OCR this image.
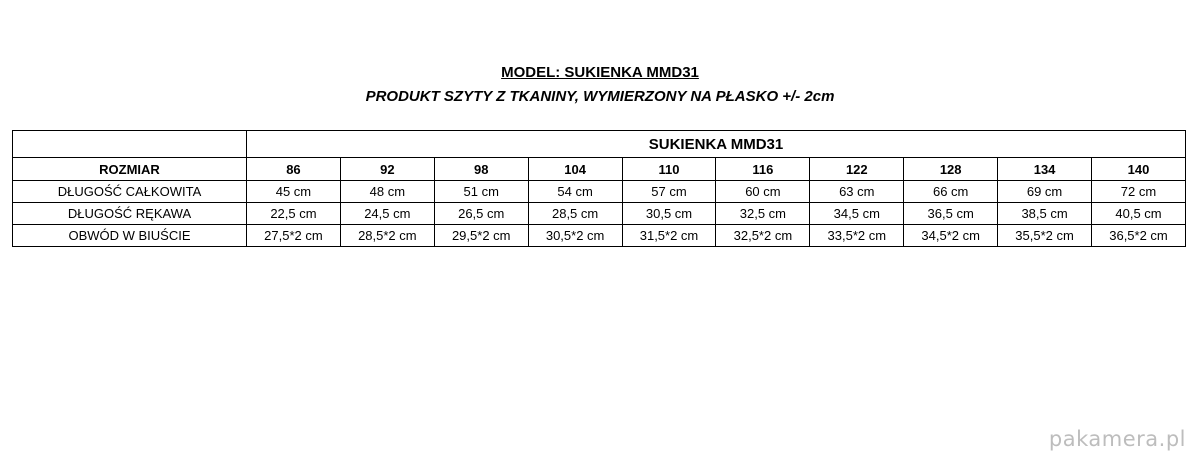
MODEL: SUKIENKA MMD31
PRODUKT SZYTY Z TKANINY, WYMIERZONY NA PŁASKO +/- 2cm
	SUKIENKA MMD31									
ROZMIAR	86	92	98	104	110	116	122	128	134	140
DŁUGOŚĆ CAŁKOWITA	45 cm	48 cm	51 cm	54 cm	57 cm	60 cm	63 cm	66 cm	69 cm	72 cm
DŁUGOŚĆ RĘKAWA	22,5 cm	24,5 cm	26,5 cm	28,5 cm	30,5 cm	32,5 cm	34,5 cm	36,5 cm	38,5 cm	40,5 cm
OBWÓD W BIUŚCIE	27,5*2 cm	28,5*2 cm	29,5*2 cm	30,5*2 cm	31,5*2 cm	32,5*2 cm	33,5*2 cm	34,5*2 cm	35,5*2 cm	36,5*2 cm
pakamera.pl
